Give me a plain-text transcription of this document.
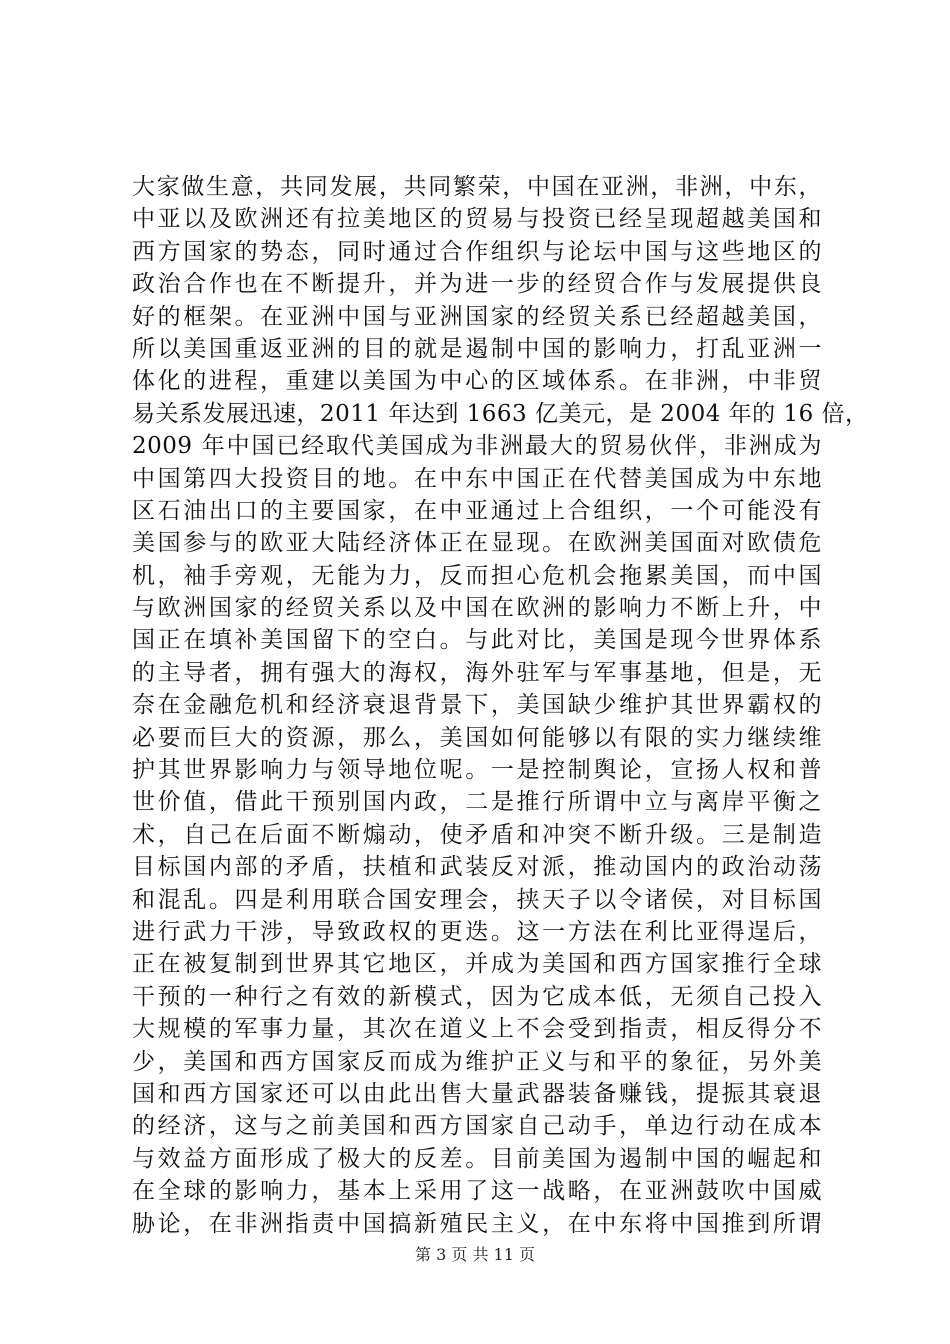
大家做生意，共同发展，共同繁荣，中国在亚洲，非洲，中东，
中亚以及欧洲还有拉美地区的贸易与投资已经呈现超越美国和
西方国家的势态，同时通过合作组织与论坛中国与这些地区的
政治合作也在不断提升，并为进一步的经贸合作与发展提供良
好的框架。在亚洲中国与亚洲国家的经贸关系已经超越美国，
所以美国重返亚洲的目的就是遏制中国的影响力，打乱亚洲一
体化的进程，重建以美国为中心的区域体系。在非洲，中非贸
易关系发展迅速，2011 年达到 1663 亿美元，是 2004 年的 16 倍，
2009 年中国已经取代美国成为非洲最大的贸易伙伴，非洲成为
中国第四大投资目的地。在中东中国正在代替美国成为中东地
区石油出口的主要国家，在中亚通过上合组织，一个可能没有
美国参与的欧亚大陆经济体正在显现。在欧洲美国面对欧债危
机，袖手旁观，无能为力，反而担心危机会拖累美国，而中国
与欧洲国家的经贸关系以及中国在欧洲的影响力不断上升，中
国正在填补美国留下的空白。与此对比，美国是现今世界体系
的主导者，拥有强大的海权，海外驻军与军事基地，但是，无
奈在金融危机和经济衰退背景下，美国缺少维护其世界霸权的
必要而巨大的资源，那么，美国如何能够以有限的实力继续维
护其世界影响力与领导地位呢。一是控制舆论，宣扬人权和普
世价值，借此干预别国内政，二是推行所谓中立与离岸平衡之
术，自己在后面不断煽动，使矛盾和冲突不断升级。三是制造
目标国内部的矛盾，扶植和武装反对派，推动国内的政治动荡
和混乱。四是利用联合国安理会，挟天子以令诸侯，对目标国
进行武力干涉，导致政权的更迭。这一方法在利比亚得逞后，
正在被复制到世界其它地区，并成为美国和西方国家推行全球
干预的一种行之有效的新模式，因为它成本低，无须自己投入
大规模的军事力量，其次在道义上不会受到指责，相反得分不
少，美国和西方国家反而成为维护正义与和平的象征，另外美
国和西方国家还可以由此出售大量武器装备赚钱，提振其衰退
的经济，这与之前美国和西方国家自己动手，单边行动在成本
与效益方面形成了极大的反差。目前美国为遏制中国的崛起和
在全球的影响力，基本上采用了这一战略，在亚洲鼓吹中国威
胁论，在非洲指责中国搞新殖民主义，在中东将中国推到所谓
第 3 页 共 11 页
